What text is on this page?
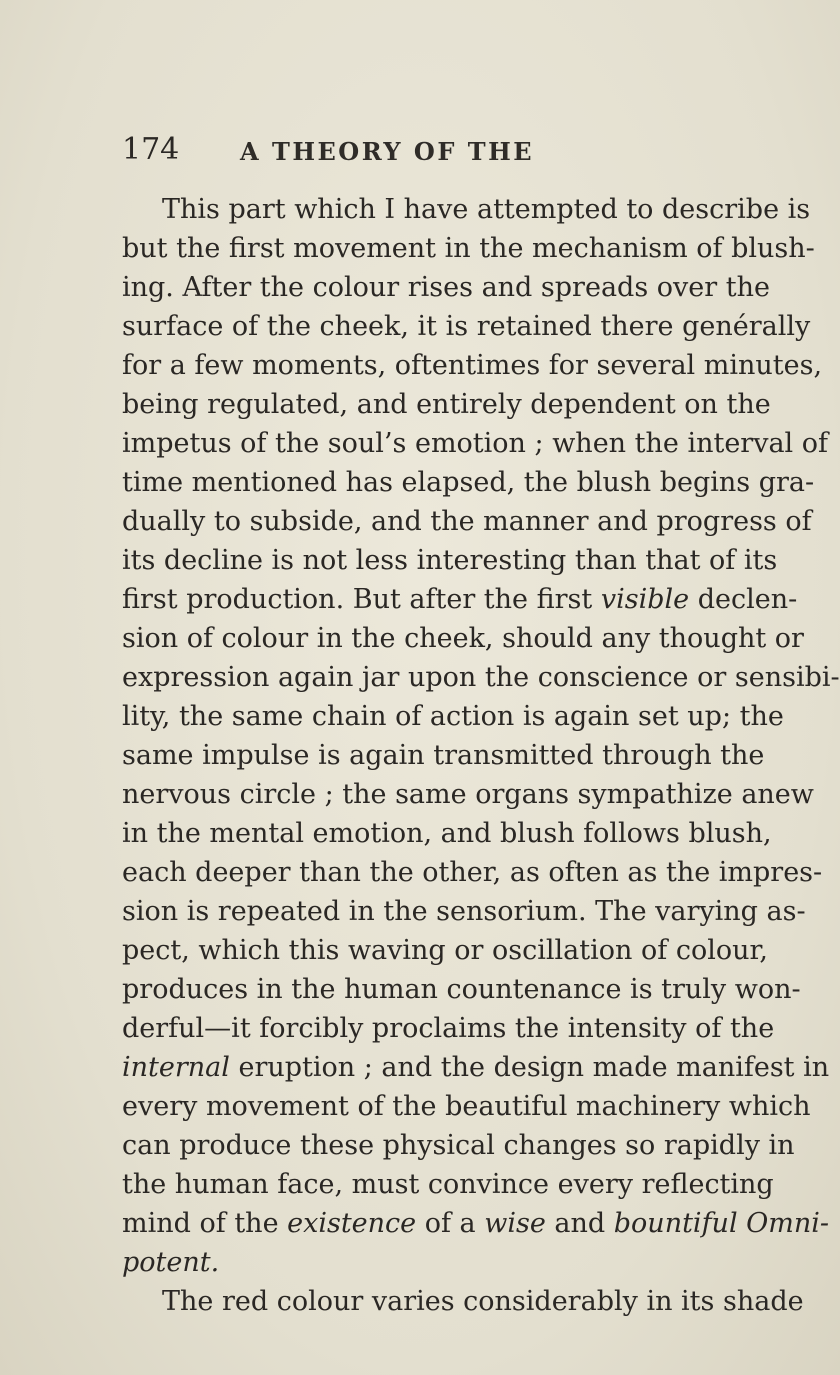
174	A THEORY OF THE
This part which I have attempted to describe is
but the first movement in the mechanism of blush-
ing. After the colour rises and spreads over the
surface of the cheek, it is retained there genérally
for a few moments, oftentimes for several minutes,
being regulated, and entirely dependent on the
impetus of the soul’s emotion ; when the interval of
time mentioned has elapsed, the blush begins gra-
dually to subside, and the manner and progress of
its decline is not less interesting than that of its
first production. But after the first visible declen-
sion of colour in the cheek, should any thought or
expression again jar upon the conscience or sensibi-
lity, the same chain of action is again set up; the
same impulse is again transmitted through the
nervous circle ; the same organs sympathize anew
in the mental emotion, and blush follows blush,
each deeper than the other, as often as the impres-
sion is repeated in the sensorium. The varying as-
pect, which this waving or oscillation of colour,
produces in the human countenance is truly won-
derful—it forcibly proclaims the intensity of the
internal eruption ; and the design made manifest in
every movement of the beautiful machinery which
can produce these physical changes so rapidly in
the human face, must convince every reflecting
mind of the existence of a wise and bountiful Omni-
potent.
The red colour varies considerably in its shade
